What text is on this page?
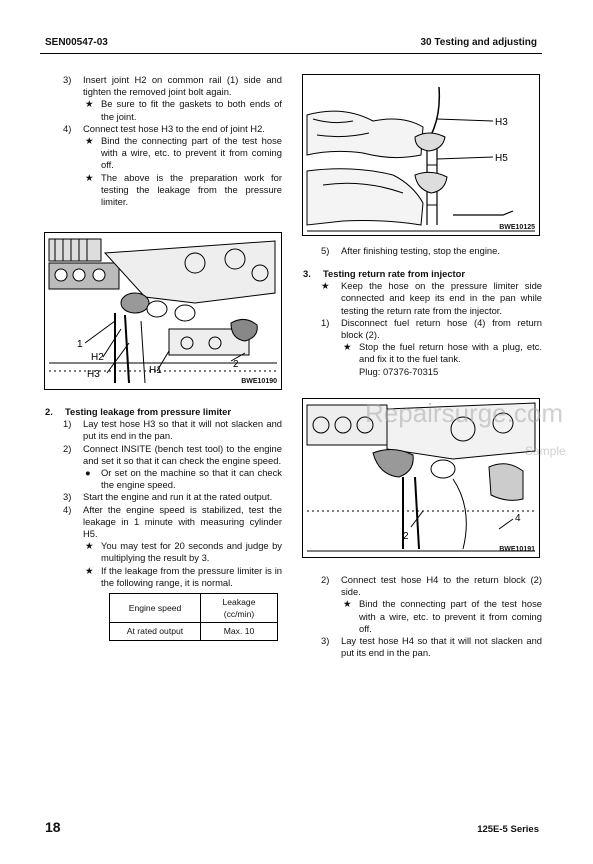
SEN00547-03	30 Testing and adjusting
3)	Insert joint H2 on common rail (1) side and tighten the removed joint bolt again.
★ Be sure to fit the gaskets to both ends of the joint.
4)	Connect test hose H3 to the end of joint H2.
★ Bind the connecting part of the test hose with a wire, etc. to prevent it from coming off.
★ The above is the preparation work for testing the leakage from the pressure limiter.
1
H2
H3	H1
2
BWE10190
2.	Testing leakage from pressure limiter
1)	Lay test hose H3 so that it will not slacken and put its end in the pan.
2)	Connect INSITE (bench test tool) to the engine and set it so that it can check the engine speed.
●	Or set on the machine so that it can check the engine speed.
3)	Start the engine and run it at the rated output.
4)	After the engine speed is stabilized, test the leakage in 1 minute with measuring cylinder H5.
★ You may test for 20 seconds and judge by multiplying the result by 3.
★ If the leakage from the pressure limiter is in the following range, it is normal.
Engine speed	Leakage
(cc/min)
At rated output	Max. 10
H3
H5
BWE10125
5)	After finishing testing, stop the engine.
3.	Testing return rate from injector
★	Keep the hose on the pressure limiter side connected and keep its end in the pan while testing the return rate from the injector.
1)	Disconnect fuel return hose (4) from return block (2).
★ Stop the fuel return hose with a plug, etc. and fix it to the fuel tank.
Plug: 07376-70315
4
2
BWE10191
Repairsurge.com
Sample
2)	Connect test hose H4 to the return block (2) side.
★ Bind the connecting part of the test hose with a wire, etc. to prevent it from coming off.
3)	Lay test hose H4 so that it will not slacken and put its end in the pan.
18	125E-5 Series
